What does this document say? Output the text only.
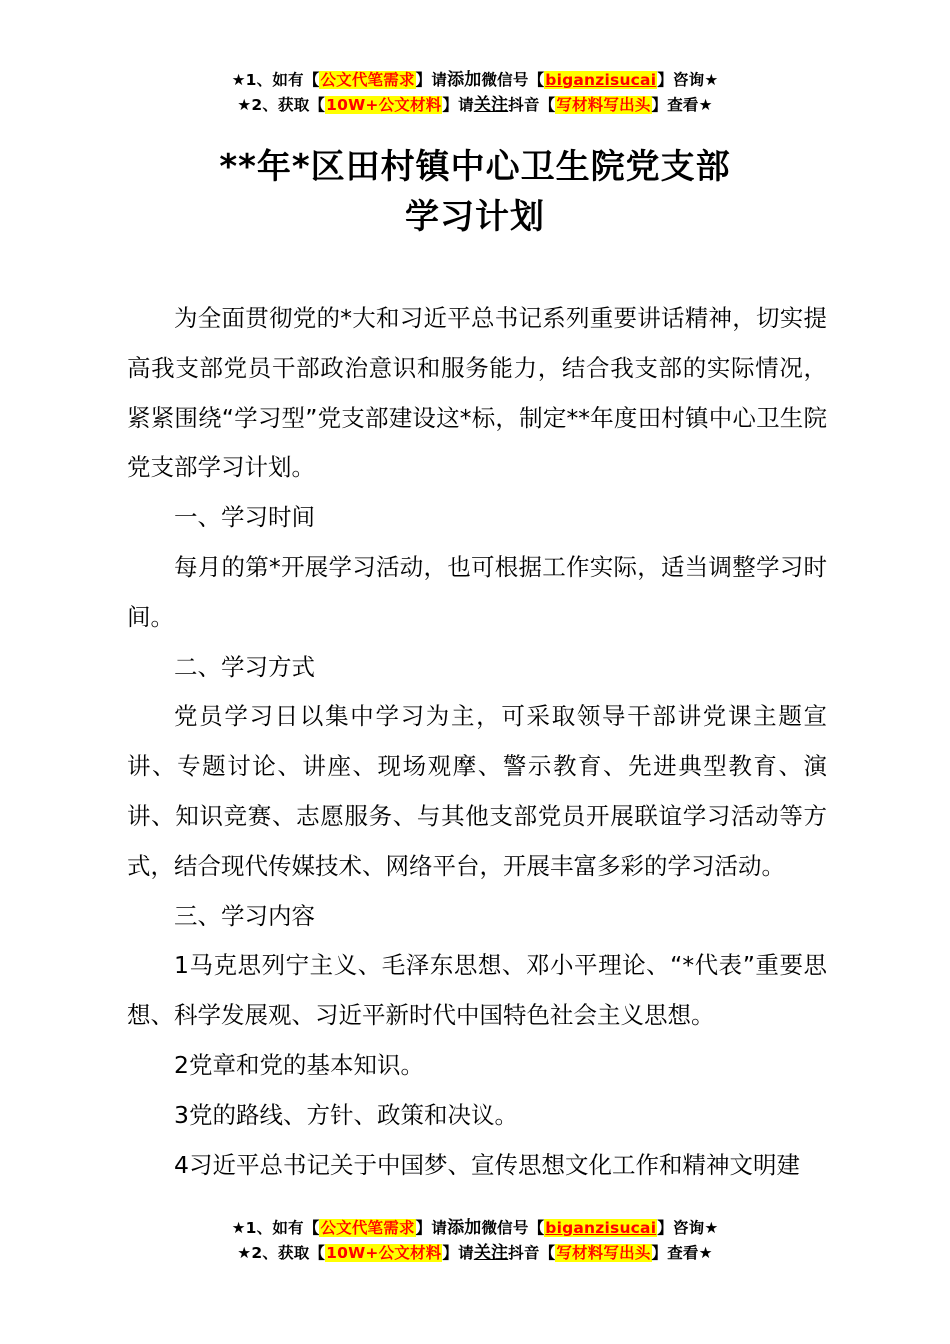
★1、如有【公文代笔需求】请添加微信号【biganzisucai】咨询★
★2、获取【10W+公文材料】请关注抖音【写材料写出头】查看★
**年*区田村镇中心卫生院党支部
学习计划

为全面贯彻党的*大和习近平总书记系列重要讲话精神，切实提高我支部党员干部政治意识和服务能力，结合我支部的实际情况，紧紧围绕“学习型”党支部建设这*标，制定**年度田村镇中心卫生院党支部学习计划。

一、学习时间

每月的第*开展学习活动，也可根据工作实际，适当调整学习时间。

二、学习方式

党员学习日以集中学习为主，可采取领导干部讲党课主题宣讲、专题讨论、讲座、现场观摩、警示教育、先进典型教育、演讲、知识竞赛、志愿服务、与其他支部党员开展联谊学习活动等方式，结合现代传媒技术、网络平台，开展丰富多彩的学习活动。

三、学习内容

1马克思列宁主义、毛泽东思想、邓小平理论、“*代表”重要思想、科学发展观、习近平新时代中国特色社会主义思想。

2党章和党的基本知识。

3党的路线、方针、政策和决议。

4习近平总书记关于中国梦、宣传思想文化工作和精神文明建

★1、如有【公文代笔需求】请添加微信号【biganzisucai】咨询★
★2、获取【10W+公文材料】请关注抖音【写材料写出头】查看★
